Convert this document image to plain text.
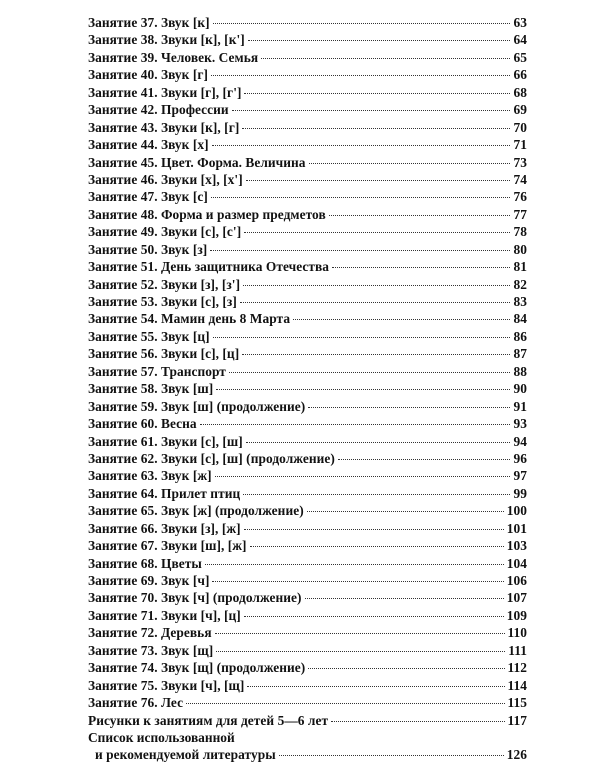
Занятие 37. Звук [к]	63
Занятие 38. Звуки [к], [к']	64
Занятие 39. Человек. Семья	65
Занятие 40. Звук [г]	66
Занятие 41. Звуки [г], [г']	68
Занятие 42. Профессии	69
Занятие 43. Звуки [к], [г]	70
Занятие 44. Звук [х]	71
Занятие 45. Цвет. Форма. Величина	73
Занятие 46. Звуки [х], [х']	74
Занятие 47. Звук [с]	76
Занятие 48. Форма и размер предметов	77
Занятие 49. Звуки [с], [с']	78
Занятие 50. Звук [з]	80
Занятие 51. День защитника Отечества	81
Занятие 52. Звуки [з], [з']	82
Занятие 53. Звуки [с], [з]	83
Занятие 54. Мамин день 8 Марта	84
Занятие 55. Звук [ц]	86
Занятие 56. Звуки [с], [ц]	87
Занятие 57. Транспорт	88
Занятие 58. Звук [ш]	90
Занятие 59. Звук [ш] (продолжение)	91
Занятие 60. Весна	93
Занятие 61. Звуки [с], [ш]	94
Занятие 62. Звуки [с], [ш] (продолжение)	96
Занятие 63. Звук [ж]	97
Занятие 64. Прилет птиц	99
Занятие 65. Звук [ж] (продолжение)	100
Занятие 66. Звуки [з], [ж]	101
Занятие 67. Звуки [ш], [ж]	103
Занятие 68. Цветы	104
Занятие 69. Звук [ч]	106
Занятие 70. Звук [ч] (продолжение)	107
Занятие 71. Звуки [ч], [ц]	109
Занятие 72. Деревья	110
Занятие 73. Звук [щ]	111
Занятие 74. Звук [щ] (продолжение)	112
Занятие 75. Звуки [ч], [щ]	114
Занятие 76. Лес	115
Рисунки к занятиям для детей 5—6 лет	117
Список использованной
и рекомендуемой литературы	126
